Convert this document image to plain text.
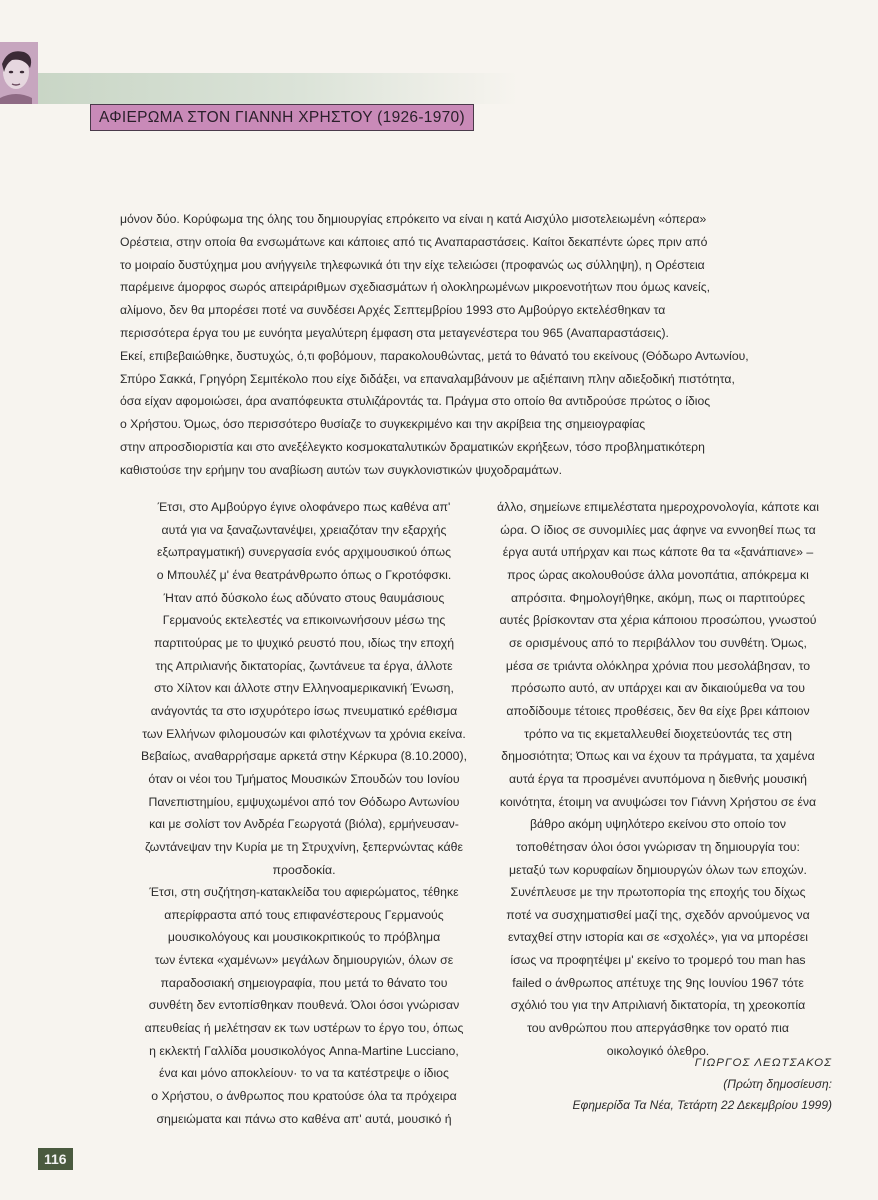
ΑΦΙΕΡΩΜΑ ΣΤΟΝ ΓΙΑΝΝΗ ΧΡΗΣΤΟΥ (1926-1970)
μόνον δύο. Κορύφωμα της όλης του δημιουργίας επρόκειτο να είναι η κατά Αισχύλο μισοτελειωμένη «όπερα»
Ορέστεια, στην οποία θα ενσωμάτωνε και κάποιες από τις Αναπαραστάσεις. Καίτοι δεκαπέντε ώρες πριν από
το μοιραίο δυστύχημα μου ανήγγειλε τηλεφωνικά ότι την είχε τελειώσει (προφανώς ως σύλληψη), η Ορέστεια
παρέμεινε άμορφος σωρός απειράριθμων σχεδιασμάτων ή ολοκληρωμένων μικροενοτήτων που όμως κανείς,
αλίμονο, δεν θα μπορέσει ποτέ να συνδέσει Αρχές Σεπτεμβρίου 1993 στο Αμβούργο εκτελέσθηκαν τα
περισσότερα έργα του με ευνόητα μεγαλύτερη έμφαση στα μεταγενέστερα του 965 (Αναπαραστάσεις).
Εκεί, επιβεβαιώθηκε, δυστυχώς, ό,τι φοβόμουν, παρακολουθώντας, μετά το θάνατό του εκείνους (Θόδωρο Αντωνίου,
Σπύρο Σακκά, Γρηγόρη Σεμιτέκολο που είχε διδάξει, να επαναλαμβάνουν με αξιέπαινη πλην αδιεξοδική πιστότητα,
όσα είχαν αφομοιώσει, άρα αναπόφευκτα στυλιζάροντάς τα. Πράγμα στο οποίο θα αντιδρούσε πρώτος ο ίδιος
ο Χρήστου. Όμως, όσο περισσότερο θυσίαζε το συγκεκριμένο και την ακρίβεια της σημειογραφίας
στην απροσδιοριστία και στο ανεξέλεγκτο κοσμοκαταλυτικών δραματικών εκρήξεων, τόσο προβληματικότερη
καθιστούσε την ερήμην του αναβίωση αυτών των συγκλονιστικών ψυχοδραμάτων.
Έτσι, στο Αμβούργο έγινε ολοφάνερο πως καθένα απ'
αυτά για να ξαναζωντανέψει, χρειαζόταν την εξαρχής
εξωπραγματική) συνεργασία ενός αρχιμουσικού όπως
ο Μπουλέζ μ' ένα θεατράνθρωπο όπως ο Γκροτόφσκι.
Ήταν από δύσκολο έως αδύνατο στους θαυμάσιους
Γερμανούς εκτελεστές να επικοινωνήσουν μέσω της
παρτιτούρας με το ψυχικό ρευστό που, ιδίως την εποχή
της Απριλιανής δικτατορίας, ζωντάνευε τα έργα, άλλοτε
στο Χίλτον και άλλοτε στην Ελληνοαμερικανική Ένωση,
ανάγοντάς τα στο ισχυρότερο ίσως πνευματικό ερέθισμα
των Ελλήνων φιλομουσών και φιλοτέχνων τα χρόνια εκείνα.
Βεβαίως, αναθαρρήσαμε αρκετά στην Κέρκυρα (8.10.2000),
όταν οι νέοι του Τμήματος Μουσικών Σπουδών του Ιονίου
Πανεπιστημίου, εμψυχωμένοι από τον Θόδωρο Αντωνίου
και με σολίστ τον Ανδρέα Γεωργοτά (βιόλα), ερμήνευσαν-
ζωντάνεψαν την Κυρία με τη Στρυχνίνη, ξεπερνώντας κάθε
προσδοκία.
Έτσι, στη συζήτηση-κατακλείδα του αφιερώματος, τέθηκε
απερίφραστα από τους επιφανέστερους Γερμανούς
μουσικολόγους και μουσικοκριτικούς το πρόβλημα
των έντεκα «χαμένων» μεγάλων δημιουργιών, όλων σε
παραδοσιακή σημειογραφία, που μετά το θάνατο του
συνθέτη δεν εντοπίσθηκαν πουθενά. Όλοι όσοι γνώρισαν
απευθείας ή μελέτησαν εκ των υστέρων το έργο του, όπως
η εκλεκτή Γαλλίδα μουσικολόγος Anna-Martine Lucciano,
ένα και μόνο αποκλείουν· το να τα κατέστρεψε ο ίδιος
ο Χρήστου, ο άνθρωπος που κρατούσε όλα τα πρόχειρα
σημειώματα και πάνω στο καθένα απ' αυτά, μουσικό ή
άλλο, σημείωνε επιμελέστατα ημεροχρονολογία, κάποτε και
ώρα. Ο ίδιος σε συνομιλίες μας άφηνε να εννοηθεί πως τα
έργα αυτά υπήρχαν και πως κάποτε θα τα «ξανάπιανε» –
προς ώρας ακολουθούσε άλλα μονοπάτια, απόκρεμα κι
απρόσιτα. Φημολογήθηκε, ακόμη, πως οι παρτιτούρες
αυτές βρίσκονταν στα χέρια κάποιου προσώπου, γνωστού
σε ορισμένους από το περιβάλλον του συνθέτη. Όμως,
μέσα σε τριάντα ολόκληρα χρόνια που μεσολάβησαν, το
πρόσωπο αυτό, αν υπάρχει και αν δικαιούμεθα να του
αποδίδουμε τέτοιες προθέσεις, δεν θα είχε βρει κάποιον
τρόπο να τις εκμεταλλευθεί διοχετεύοντάς τες στη
δημοσιότητα; Όπως και να έχουν τα πράγματα, τα χαμένα
αυτά έργα τα προσμένει ανυπόμονα η διεθνής μουσική
κοινότητα, έτοιμη να ανυψώσει τον Γιάννη Χρήστου σε ένα
βάθρο ακόμη υψηλότερο εκείνου στο οποίο τον
τοποθέτησαν όλοι όσοι γνώρισαν τη δημιουργία του:
μεταξύ των κορυφαίων δημιουργών όλων των εποχών.
Συνέπλευσε με την πρωτοπορία της εποχής του δίχως
ποτέ να συσχηματισθεί μαζί της, σχεδόν αρνούμενος να
ενταχθεί στην ιστορία και σε «σχολές», για να μπορέσει
ίσως να προφητέψει μ' εκείνο το τρομερό του man has
failed ο άνθρωπος απέτυχε της 9ης Ιουνίου 1967 τότε
σχόλιό του για την Απριλιανή δικτατορία, τη χρεοκοπία
του ανθρώπου που απεργάσθηκε τον ορατό πια
οικολογικό όλεθρο.
ΓΙΩΡΓΟΣ ΛΕΩΤΣΑΚΟΣ
(Πρώτη δημοσίευση:
Εφημερίδα Τα Νέα, Τετάρτη 22 Δεκεμβρίου 1999)
116
